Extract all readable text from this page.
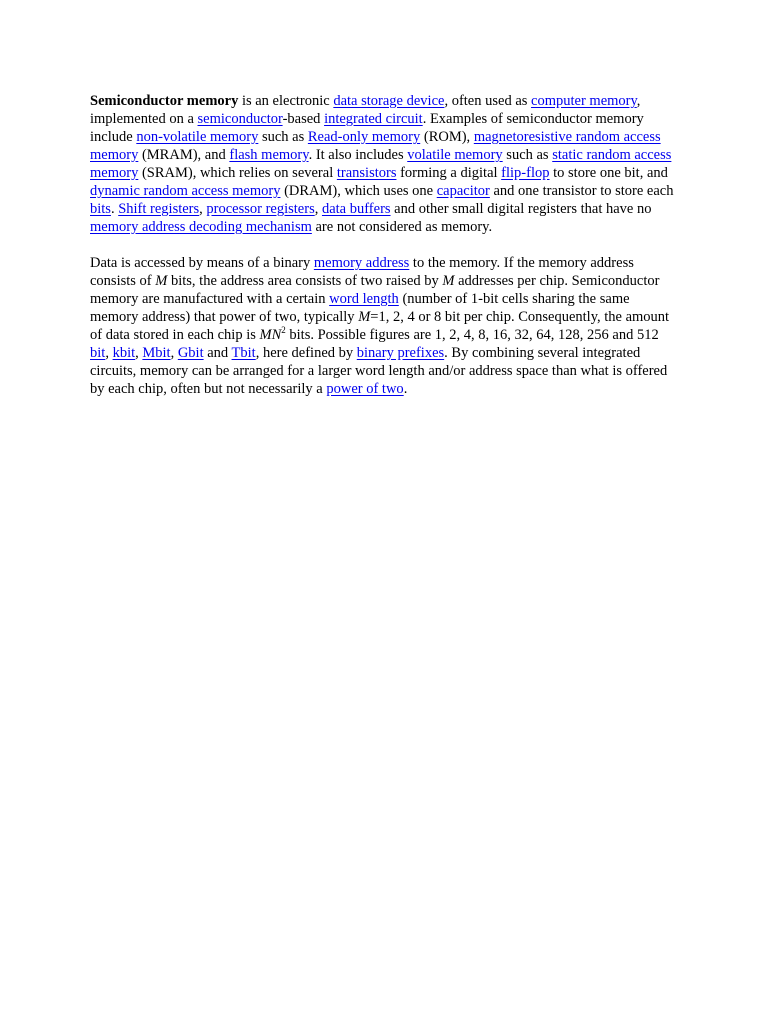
Semiconductor memory is an electronic data storage device, often used as computer memory, implemented on a semiconductor-based integrated circuit. Examples of semiconductor memory include non-volatile memory such as Read-only memory (ROM), magnetoresistive random access memory (MRAM), and flash memory. It also includes volatile memory such as static random access memory (SRAM), which relies on several transistors forming a digital flip-flop to store one bit, and dynamic random access memory (DRAM), which uses one capacitor and one transistor to store each bits. Shift registers, processor registers, data buffers and other small digital registers that have no memory address decoding mechanism are not considered as memory.

Data is accessed by means of a binary memory address to the memory. If the memory address consists of M bits, the address area consists of two raised by M addresses per chip. Semiconductor memory are manufactured with a certain word length (number of 1-bit cells sharing the same memory address) that power of two, typically M=1, 2, 4 or 8 bit per chip. Consequently, the amount of data stored in each chip is $MN^2$ bits. Possible figures are 1, 2, 4, 8, 16, 32, 64, 128, 256 and 512 bit, kbit, Mbit, Gbit and Tbit, here defined by binary prefixes. By combining several integrated circuits, memory can be arranged for a larger word length and/or address space than what is offered by each chip, often but not necessarily a power of two.
